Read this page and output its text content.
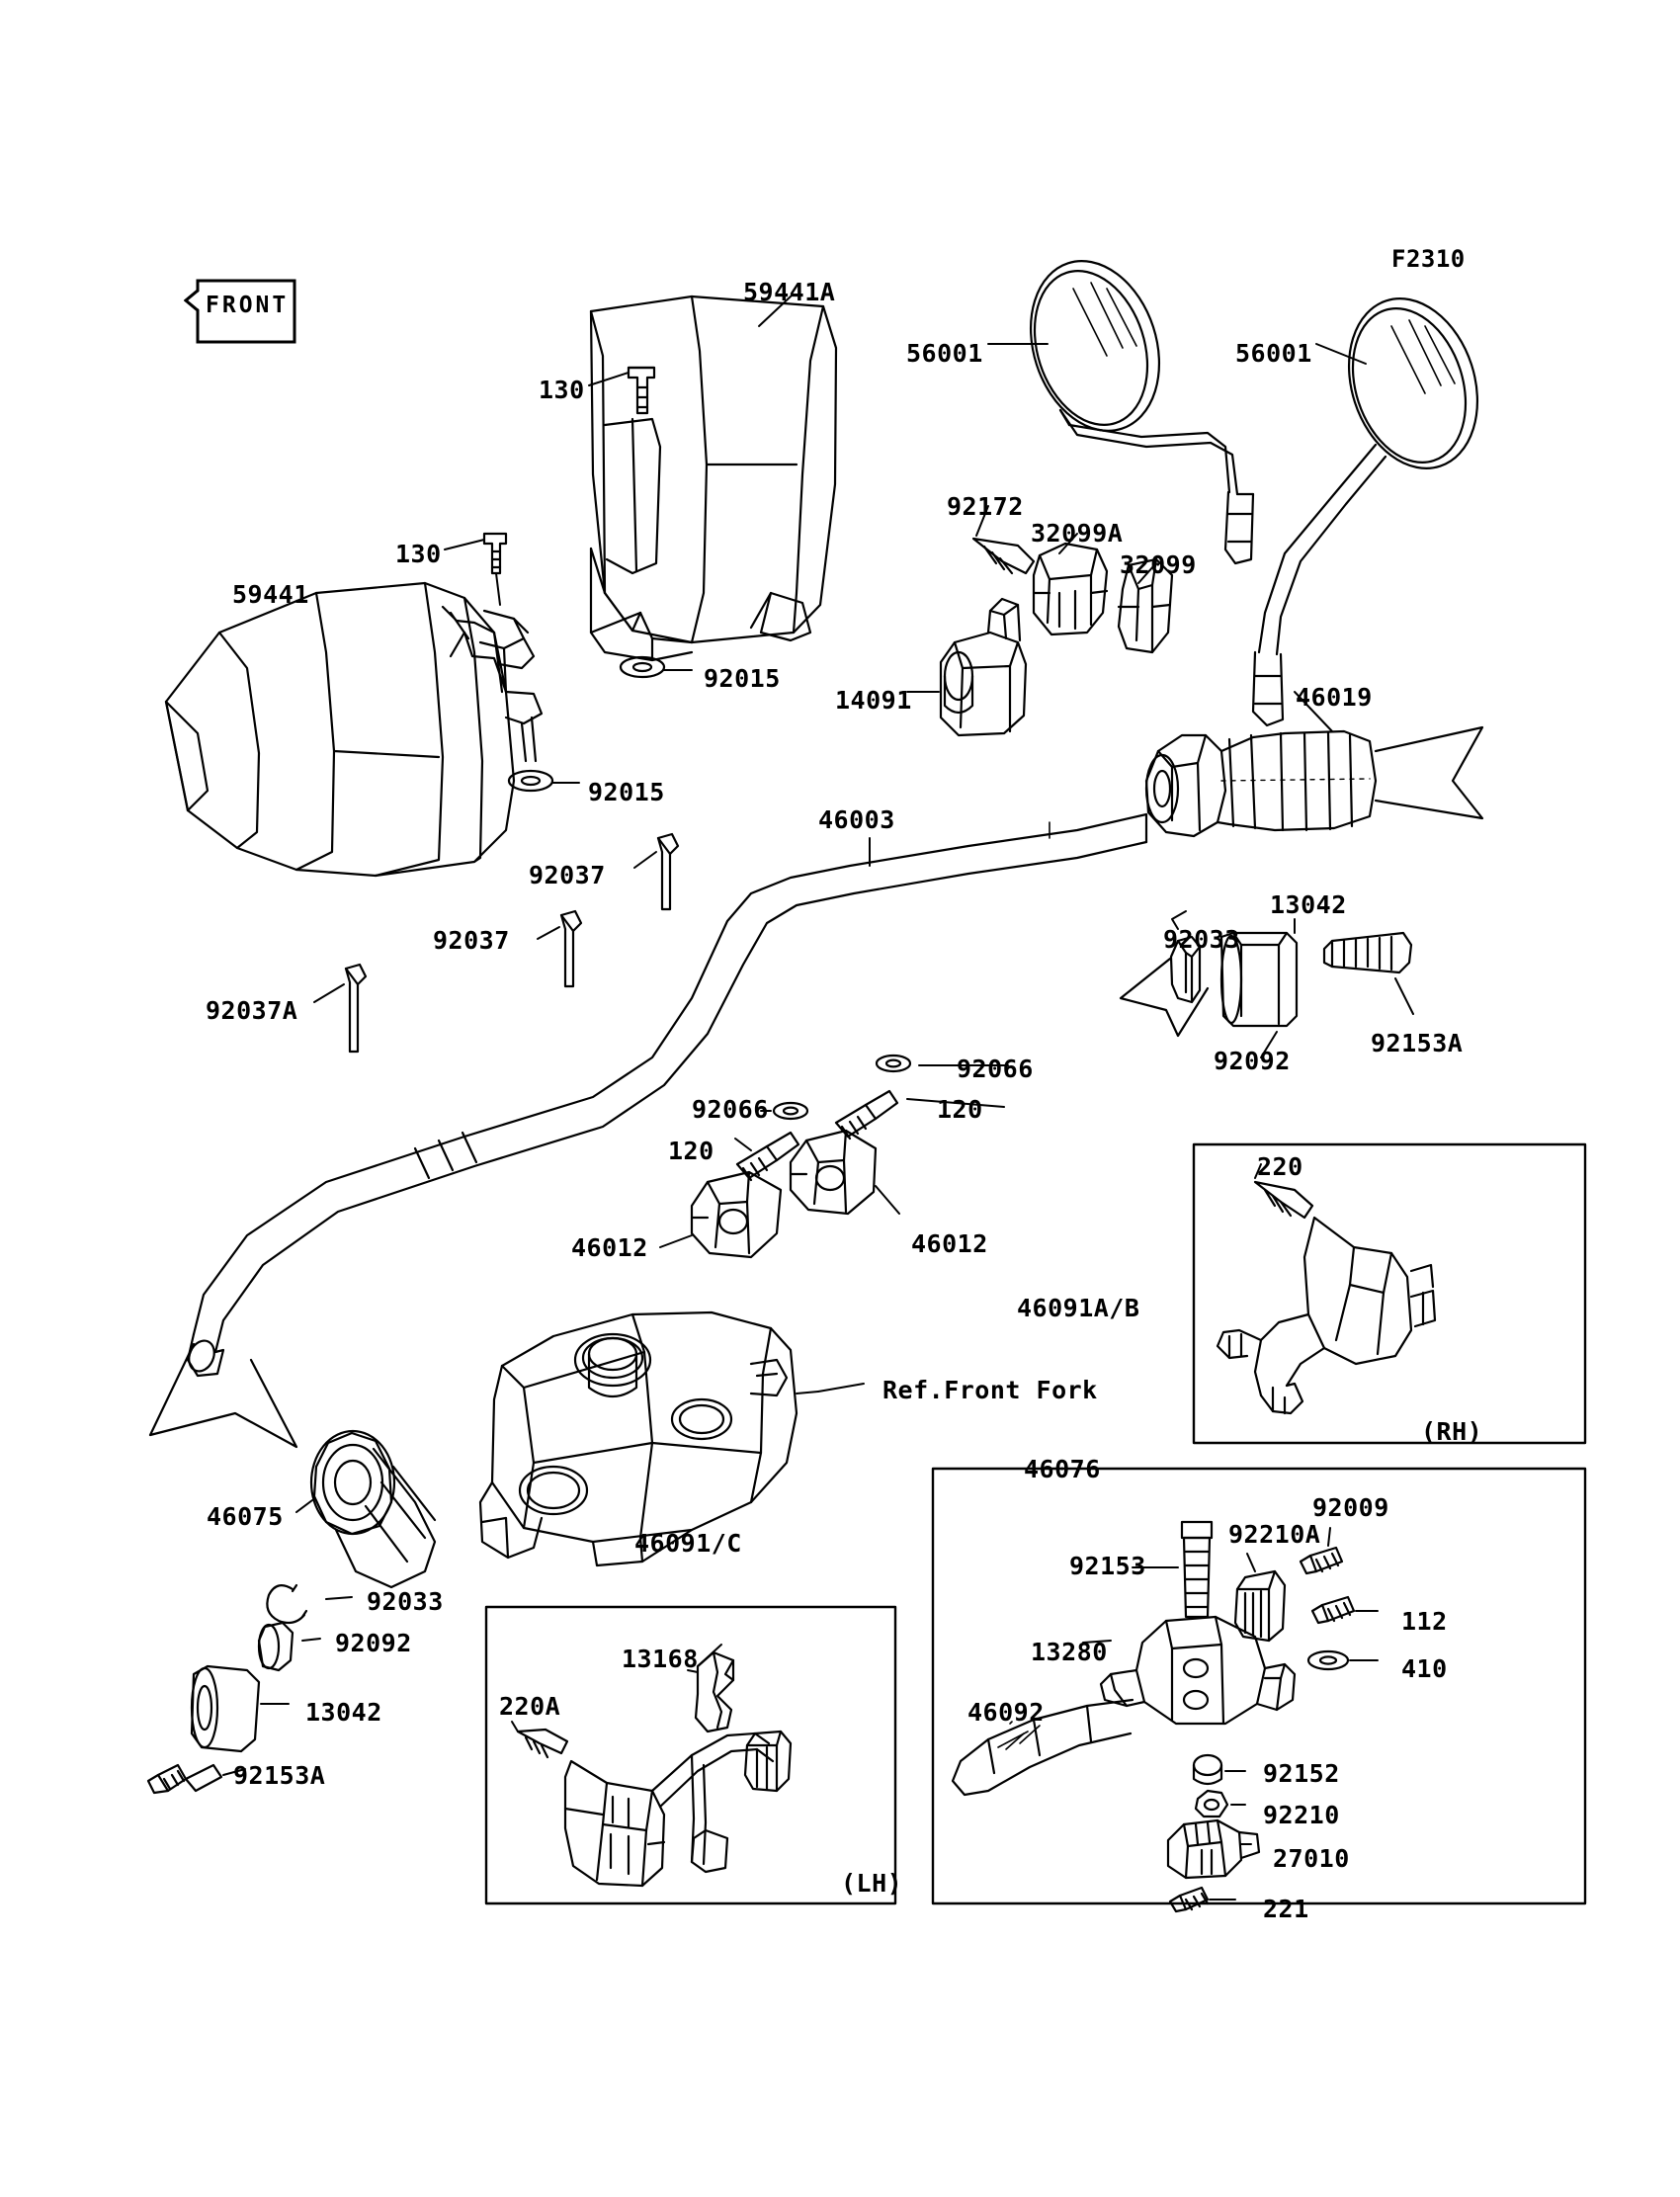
F2310
FRONT	59441A
130
130
59441
92015
92015
56001	56001
92172
32099A
32099
14091	46019
46003
92037
92037
92037A
13042
92033
92153A
92092
92066
92066	120
120
46012	46012
220
46091A/B
(RH)
Ref.Front Fork
46075
92033
92092
13042
92153A
46091/C
13168
220A
(LH)
46076
92009
92210A
92153
112
13280
410
46092
92152
92210
27010
221
